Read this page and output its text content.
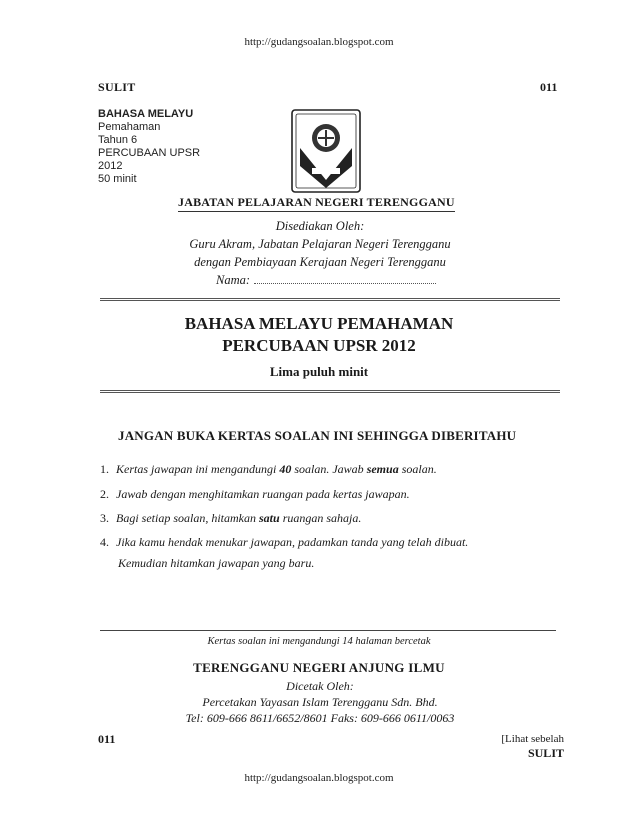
http://gudangsoalan.blogspot.com
SULIT	011
BAHASA MELAYU
Pemahaman
Tahun 6
PERCUBAAN UPSR
2012
50 minit
JABATAN PELAJARAN NEGERI TERENGGANU
Disediakan Oleh:
Guru Akram, Jabatan Pelajaran Negeri Terengganu
dengan Pembiayaan Kerajaan Negeri Terengganu
Nama:
BAHASA MELAYU PEMAHAMAN
PERCUBAAN UPSR 2012
Lima puluh minit
JANGAN BUKA KERTAS SOALAN INI SEHINGGA DIBERITAHU
1. Kertas jawapan ini mengandungi 40 soalan. Jawab semua soalan.
2. Jawab dengan menghitamkan ruangan pada kertas jawapan.
3. Bagi setiap soalan, hitamkan satu ruangan sahaja.
4. Jika kamu hendak menukar jawapan, padamkan tanda yang telah dibuat.
Kemudian hitamkan jawapan yang baru.
Kertas soalan ini mengandungi 14 halaman bercetak
TERENGGANU NEGERI ANJUNG ILMU
Dicetak Oleh:
Percetakan Yayasan Islam Terengganu Sdn. Bhd.
Tel: 609-666 8611/6652/8601 Faks: 609-666 0611/0063
011	[Lihat sebelah
SULIT
http://gudangsoalan.blogspot.com
